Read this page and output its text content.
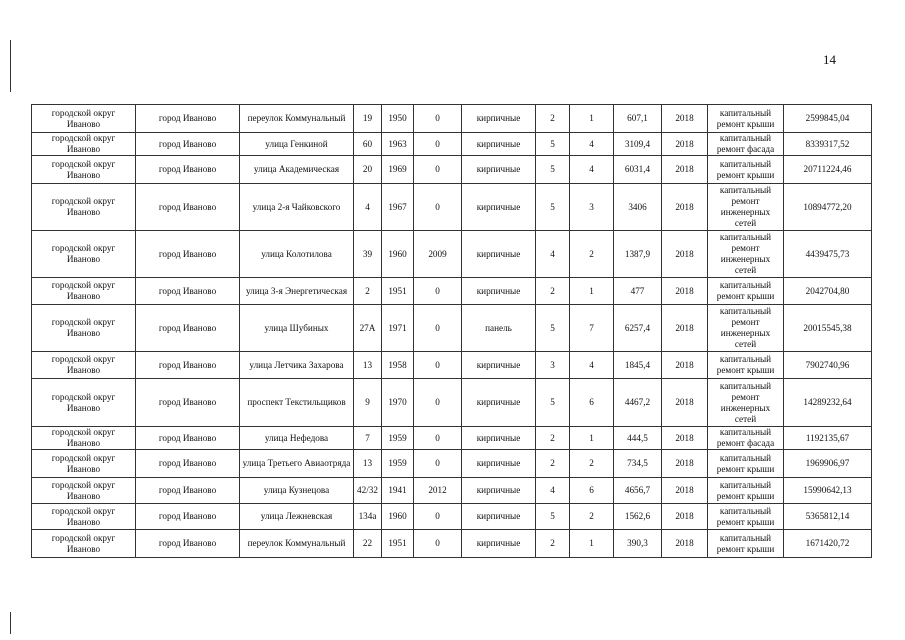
14
городской округ Иваново	город Иваново	переулок Коммунальный	19	1950	0	кирпичные	2	1	607,1	2018	капитальный ремонт крыши	2599845,04
городской округ Иваново	город Иваново	улица Генкиной	60	1963	0	кирпичные	5	4	3109,4	2018	капитальный ремонт фасада	8339317,52
городской округ Иваново	город Иваново	улица Академическая	20	1969	0	кирпичные	5	4	6031,4	2018	капитальный ремонт крыши	20711224,46
городской округ Иваново	город Иваново	улица 2-я Чайковского	4	1967	0	кирпичные	5	3	3406	2018	капитальный ремонт инженерных сетей	10894772,20
городской округ Иваново	город Иваново	улица Колотилова	39	1960	2009	кирпичные	4	2	1387,9	2018	капитальный ремонт инженерных сетей	4439475,73
городской округ Иваново	город Иваново	улица 3-я Энергетическая	2	1951	0	кирпичные	2	1	477	2018	капитальный ремонт крыши	2042704,80
городской округ Иваново	город Иваново	улица Шубиных	27А	1971	0	панель	5	7	6257,4	2018	капитальный ремонт инженерных сетей	20015545,38
городской округ Иваново	город Иваново	улица Летчика Захарова	13	1958	0	кирпичные	3	4	1845,4	2018	капитальный ремонт крыши	7902740,96
городской округ Иваново	город Иваново	проспект Текстильщиков	9	1970	0	кирпичные	5	6	4467,2	2018	капитальный ремонт инженерных сетей	14289232,64
городской округ Иваново	город Иваново	улица Нефедова	7	1959	0	кирпичные	2	1	444,5	2018	капитальный ремонт фасада	1192135,67
городской округ Иваново	город Иваново	улица Третьего Авиаотряда	13	1959	0	кирпичные	2	2	734,5	2018	капитальный ремонт крыши	1969906,97
городской округ Иваново	город Иваново	улица Кузнецова	42/32	1941	2012	кирпичные	4	6	4656,7	2018	капитальный ремонт крыши	15990642,13
городской округ Иваново	город Иваново	улица Лежневская	134а	1960	0	кирпичные	5	2	1562,6	2018	капитальный ремонт крыши	5365812,14
городской округ Иваново	город Иваново	переулок Коммунальный	22	1951	0	кирпичные	2	1	390,3	2018	капитальный ремонт крыши	1671420,72
